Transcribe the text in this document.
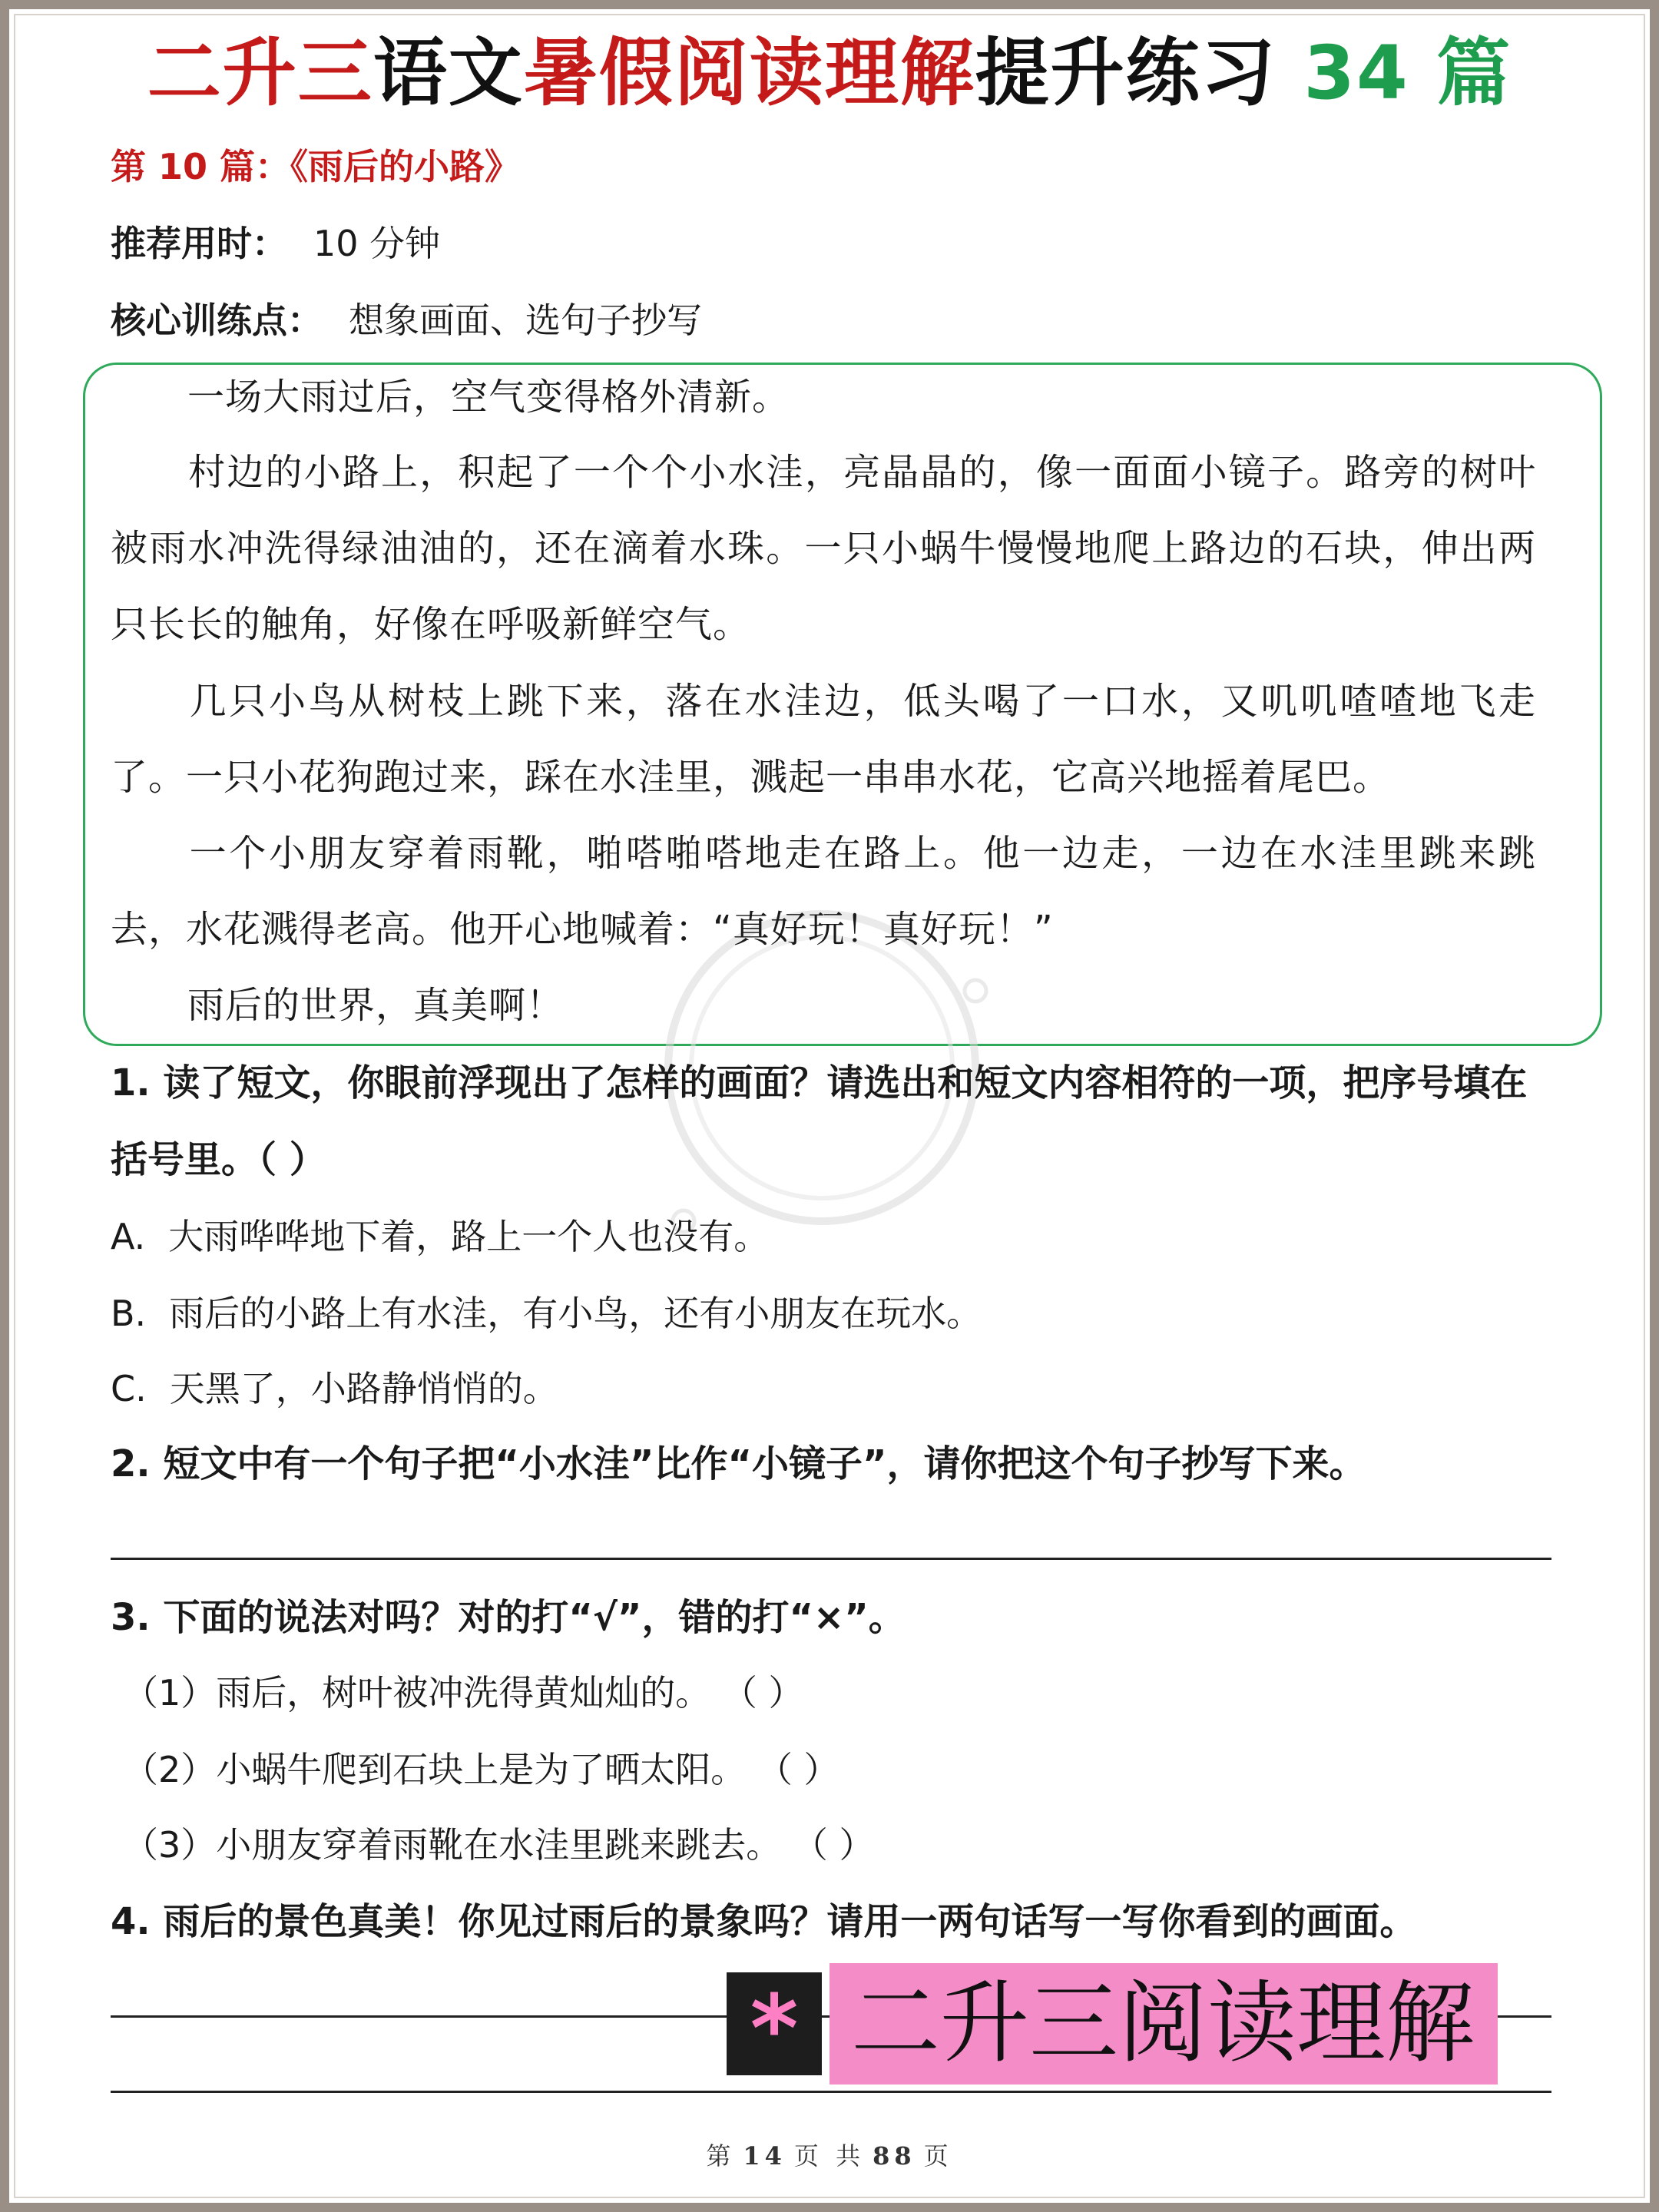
二升三语文暑假阅读理解提升练习 34 篇
第 10 篇：《雨后的小路》
推荐用时： 10 分钟
核心训练点： 想象画面、选句子抄写

一场大雨过后，空气变得格外清新。

村边的小路上，积起了一个个小水洼，亮晶晶的，像一面面小镜子。路旁的树叶被雨水冲洗得绿油油的，还在滴着水珠。一只小蜗牛慢慢地爬上路边的石块，伸出两只长长的触角，好像在呼吸新鲜空气。

几只小鸟从树枝上跳下来，落在水洼边，低头喝了一口水，又叽叽喳喳地飞走了。一只小花狗跑过来，踩在水洼里，溅起一串串水花，它高兴地摇着尾巴。

一个小朋友穿着雨靴，啪嗒啪嗒地走在路上。他一边走，一边在水洼里跳来跳去，水花溅得老高。他开心地喊着：“真好玩！真好玩！”

雨后的世界，真美啊！

1. 读了短文，你眼前浮现出了怎样的画面？请选出和短文内容相符的一项，把序号填在括号里。（ ）

A. 大雨哗哗地下着，路上一个人也没有。
B. 雨后的小路上有水洼，有小鸟，还有小朋友在玩水。
C. 天黑了，小路静悄悄的。

2. 短文中有一个句子把“小水洼”比作“小镜子”，请你把这个句子抄写下来。

3. 下面的说法对吗？对的打“√”，错的打“×”。

（1）雨后，树叶被冲洗得黄灿灿的。 （ ）
（2）小蜗牛爬到石块上是为了晒太阳。 （ ）
（3）小朋友穿着雨靴在水洼里跳来跳去。 （ ）

4. 雨后的景色真美！你见过雨后的景象吗？请用一两句话写一写你看到的画面。

* 二升三阅读理解
第 14 页 共 88 页
